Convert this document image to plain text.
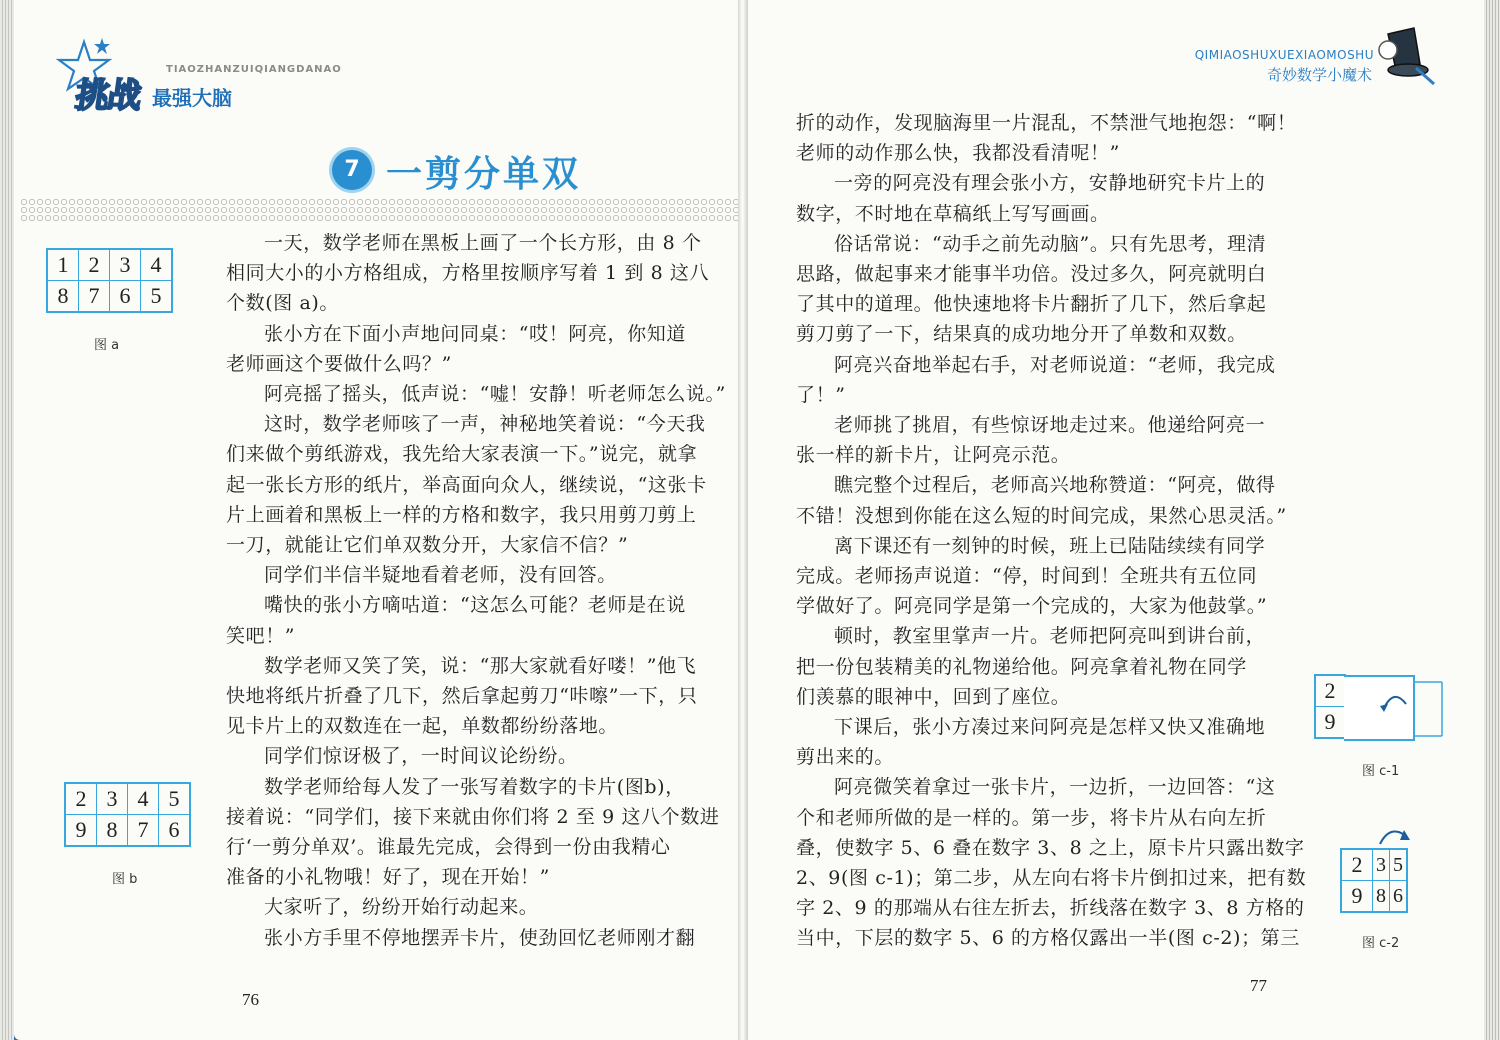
挑战 最强大脑
TIAOZHANZUIQIANGDANAO
7 一剪分单双
1	2	3	4
8	7	6	5
图 a
2	3	4	5
9	8	7	6
图 b
一天，数学老师在黑板上画了一个长方形，由 8 个
相同大小的小方格组成，方格里按顺序写着 1 到 8 这八
个数(图 a)。
张小方在下面小声地问同桌：“哎！阿亮，你知道
老师画这个要做什么吗？”
阿亮摇了摇头，低声说：“嘘！安静！听老师怎么说。”
这时，数学老师咳了一声，神秘地笑着说：“今天我
们来做个剪纸游戏，我先给大家表演一下。”说完，就拿
起一张长方形的纸片，举高面向众人，继续说，“这张卡
片上画着和黑板上一样的方格和数字，我只用剪刀剪上
一刀，就能让它们单双数分开，大家信不信？”
同学们半信半疑地看着老师，没有回答。
嘴快的张小方嘀咕道：“这怎么可能？老师是在说
笑吧！”
数学老师又笑了笑，说：“那大家就看好喽！”他飞
快地将纸片折叠了几下，然后拿起剪刀“咔嚓”一下，只
见卡片上的双数连在一起，单数都纷纷落地。
同学们惊讶极了，一时间议论纷纷。
数学老师给每人发了一张写着数字的卡片(图b)，
接着说：“同学们，接下来就由你们将 2 至 9 这八个数进
行‘一剪分单双’。谁最先完成，会得到一份由我精心
准备的小礼物哦！好了，现在开始！”
大家听了，纷纷开始行动起来。
张小方手里不停地摆弄卡片，使劲回忆老师刚才翻
76
QIMIAOSHUXUEXIAOMOSHU
奇妙数学小魔术
折的动作，发现脑海里一片混乱，不禁泄气地抱怨：“啊！
老师的动作那么快，我都没看清呢！”
一旁的阿亮没有理会张小方，安静地研究卡片上的
数字，不时地在草稿纸上写写画画。
俗话常说：“动手之前先动脑”。只有先思考，理清
思路，做起事来才能事半功倍。没过多久，阿亮就明白
了其中的道理。他快速地将卡片翻折了几下，然后拿起
剪刀剪了一下，结果真的成功地分开了单数和双数。
阿亮兴奋地举起右手，对老师说道：“老师，我完成
了！”
老师挑了挑眉，有些惊讶地走过来。他递给阿亮一
张一样的新卡片，让阿亮示范。
瞧完整个过程后，老师高兴地称赞道：“阿亮，做得
不错！没想到你能在这么短的时间完成，果然心思灵活。”
离下课还有一刻钟的时候，班上已陆陆续续有同学
完成。老师扬声说道：“停，时间到！全班共有五位同
学做好了。阿亮同学是第一个完成的，大家为他鼓掌。”
顿时，教室里掌声一片。老师把阿亮叫到讲台前，
把一份包装精美的礼物递给他。阿亮拿着礼物在同学
们羡慕的眼神中，回到了座位。
下课后，张小方凑过来问阿亮是怎样又快又准确地
剪出来的。
阿亮微笑着拿过一张卡片，一边折，一边回答：“这
个和老师所做的是一样的。第一步，将卡片从右向左折
叠，使数字 5、6 叠在数字 3、8 之上，原卡片只露出数字
2、9(图 c-1)；第二步，从左向右将卡片倒扣过来，把有数
字 2、9 的那端从右往左折去，折线落在数字 3、8 方格的
当中，下层的数字 5、6 的方格仅露出一半(图 c-2)；第三
2
9
图 c-1
2	3	5
9	8	6
图 c-2
77
